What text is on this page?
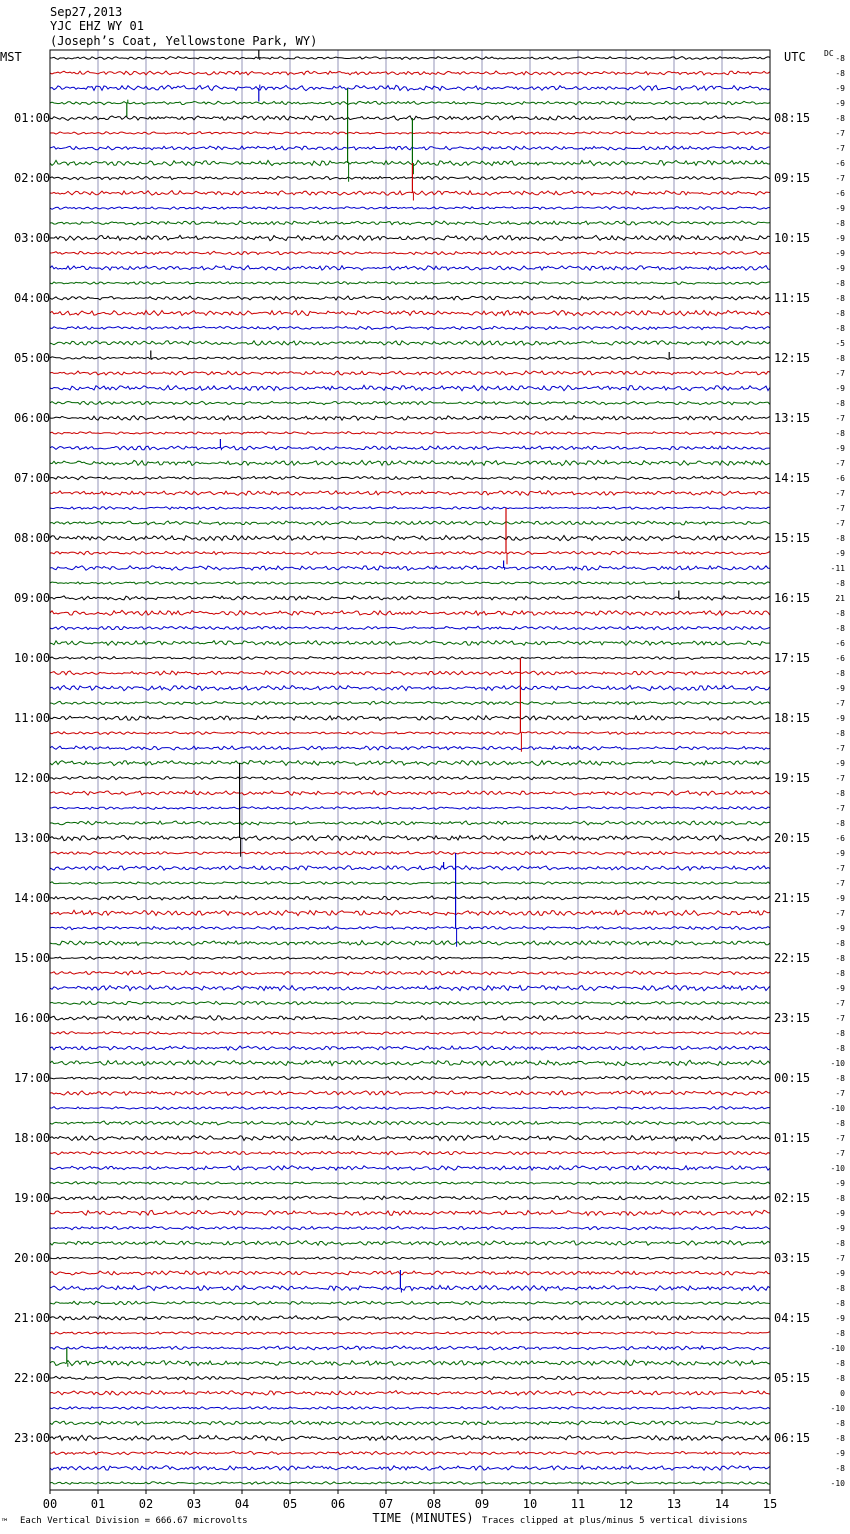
Sep27,2013
YJC EHZ WY 01
(Joseph’s Coat, Yellowstone Park, WY)
MST	UTC DC
01:00
02:00
03:00
04:00
05:00
06:00
07:00
08:00
09:00
10:00
11:00
12:00
13:00
14:00
15:00
16:00
17:00
18:00
19:00
20:00
21:00
22:00
23:00
08:15
09:15
10:15
11:15
12:15
13:15
14:15
15:15
16:15
17:15
18:15
19:15
20:15
21:15
22:15
23:15
00:15
01:15
02:15
03:15
04:15
05:15
06:15
-8
-8
-9
-9
-8
-7
-7
-6
-7
-6
-9
-8
-9
-9
-9
-8
-8
-8
-8
-5
-8
-7
-9
-8
-7
-8
-9
-7
-6
-7
-7
-7
-8
-9
-11
-8
21
-8
-8
-6
-6
-8
-9
-7
-9
-8
-7
-9
-7
-8
-7
-8
-6
-9
-7
-7
-9
-7
-9
-8
-8
-8
-9
-7
-7
-8
-8
-10
-8
-7
-10
-8
-7
-7
-10
-9
-8
-9
-9
-8
-7
-9
-8
-8
-9
-8
-10
-8
-8
0
-10
-8
-8
-9
-8
-10
00	01	02	03	04	05	06	07	08	09	10	11	12	13	14	15
TIME (MINUTES)
™ Each Vertical Division = 666.67 microvolts	Traces clipped at plus/minus 5 vertical divisions
